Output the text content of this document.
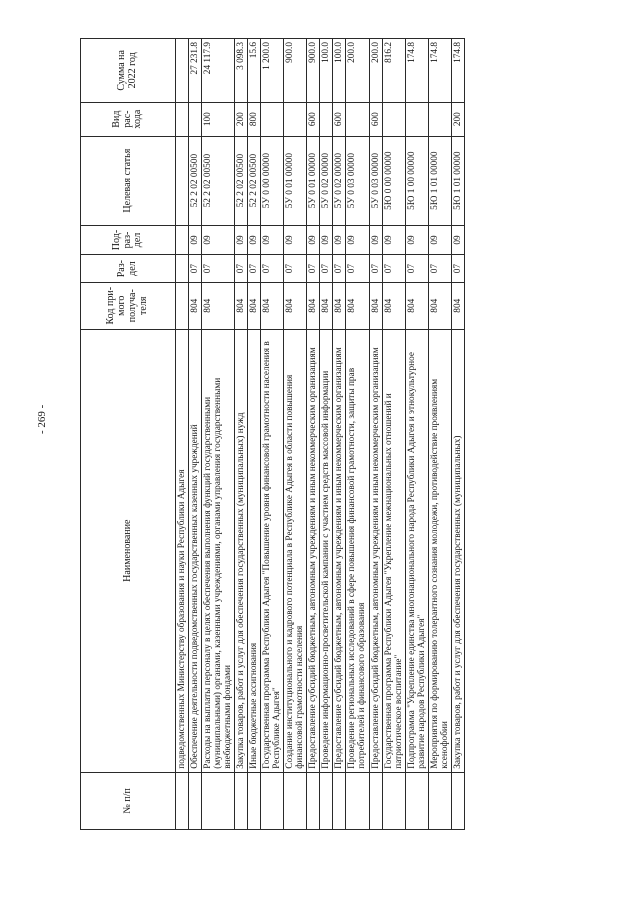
- 269 -
№ п/п	Наименование	Код при- мого получа- теля	Раз- дел	Под- раз- дел	Целевая статья	Вид рас- хода	Сумма на 2022 год
	подведомственных Министерству образования и науки Республики Адыгея						
	Обеспечение деятельности подведомственных государственных казенных учреждений	804	07	09	52 2 02 00500		27 231.8
	Расходы на выплаты персоналу в целях обеспечения выполнения функций государственными (муниципальными) органами, казенными учреждениями, органами управления государственными внебюджетными фондами	804	07	09	52 2 02 00500	100	24 117.9
	Закупка товаров, работ и услуг для обеспечения государственных (муниципальных) нужд	804	07	09	52 2 02 00500	200	3 098.3
	Иные бюджетные ассигнования	804	07	09	52 2 02 00500	800	15.6
	Государственная программа Республики Адыгея "Повышение уровня финансовой грамотности населения в Республике Адыгея"	804	07	09	5У 0 00 00000		1 200.0
	Создание институционального и кадрового потенциала в Республике Адыгея в области повышения финансовой грамотности населения	804	07	09	5У 0 01 00000		900.0
	Предоставление субсидий бюджетным, автономным учреждениям и иным некоммерческим организациям	804	07	09	5У 0 01 00000	600	900.0
	Проведение информационно-просветительской кампании с участием средств массовой информации	804	07	09	5У 0 02 00000		100.0
	Предоставление субсидий бюджетным, автономным учреждениям и иным некоммерческим организациям	804	07	09	5У 0 02 00000	600	100.0
	Проведение региональных исследований в сфере повышения финансовой грамотности, защиты прав потребителей и финансового образования	804	07	09	5У 0 03 00000		200.0
	Предоставление субсидий бюджетным, автономным учреждениям и иным некоммерческим организациям	804	07	09	5У 0 03 00000	600	200.0
	Государственная программа Республики Адыгея "Укрепление межнациональных отношений и патриотическое воспитание"	804	07	09	5Ю 0 00 00000		816.2
	Подпрограмма "Укрепление единства многонационального народа Республики Адыгея и этнокультурное развитие народов Республики Адыгея"	804	07	09	5Ю 1 00 00000		174.8
	Мероприятия по формированию толерантного сознания молодежи, противодействие проявлениям ксенофобии	804	07	09	5Ю 1 01 00000		174.8
	Закупка товаров, работ и услуг для обеспечения государственных (муниципальных)	804	07	09	5Ю 1 01 00000	200	174.8
